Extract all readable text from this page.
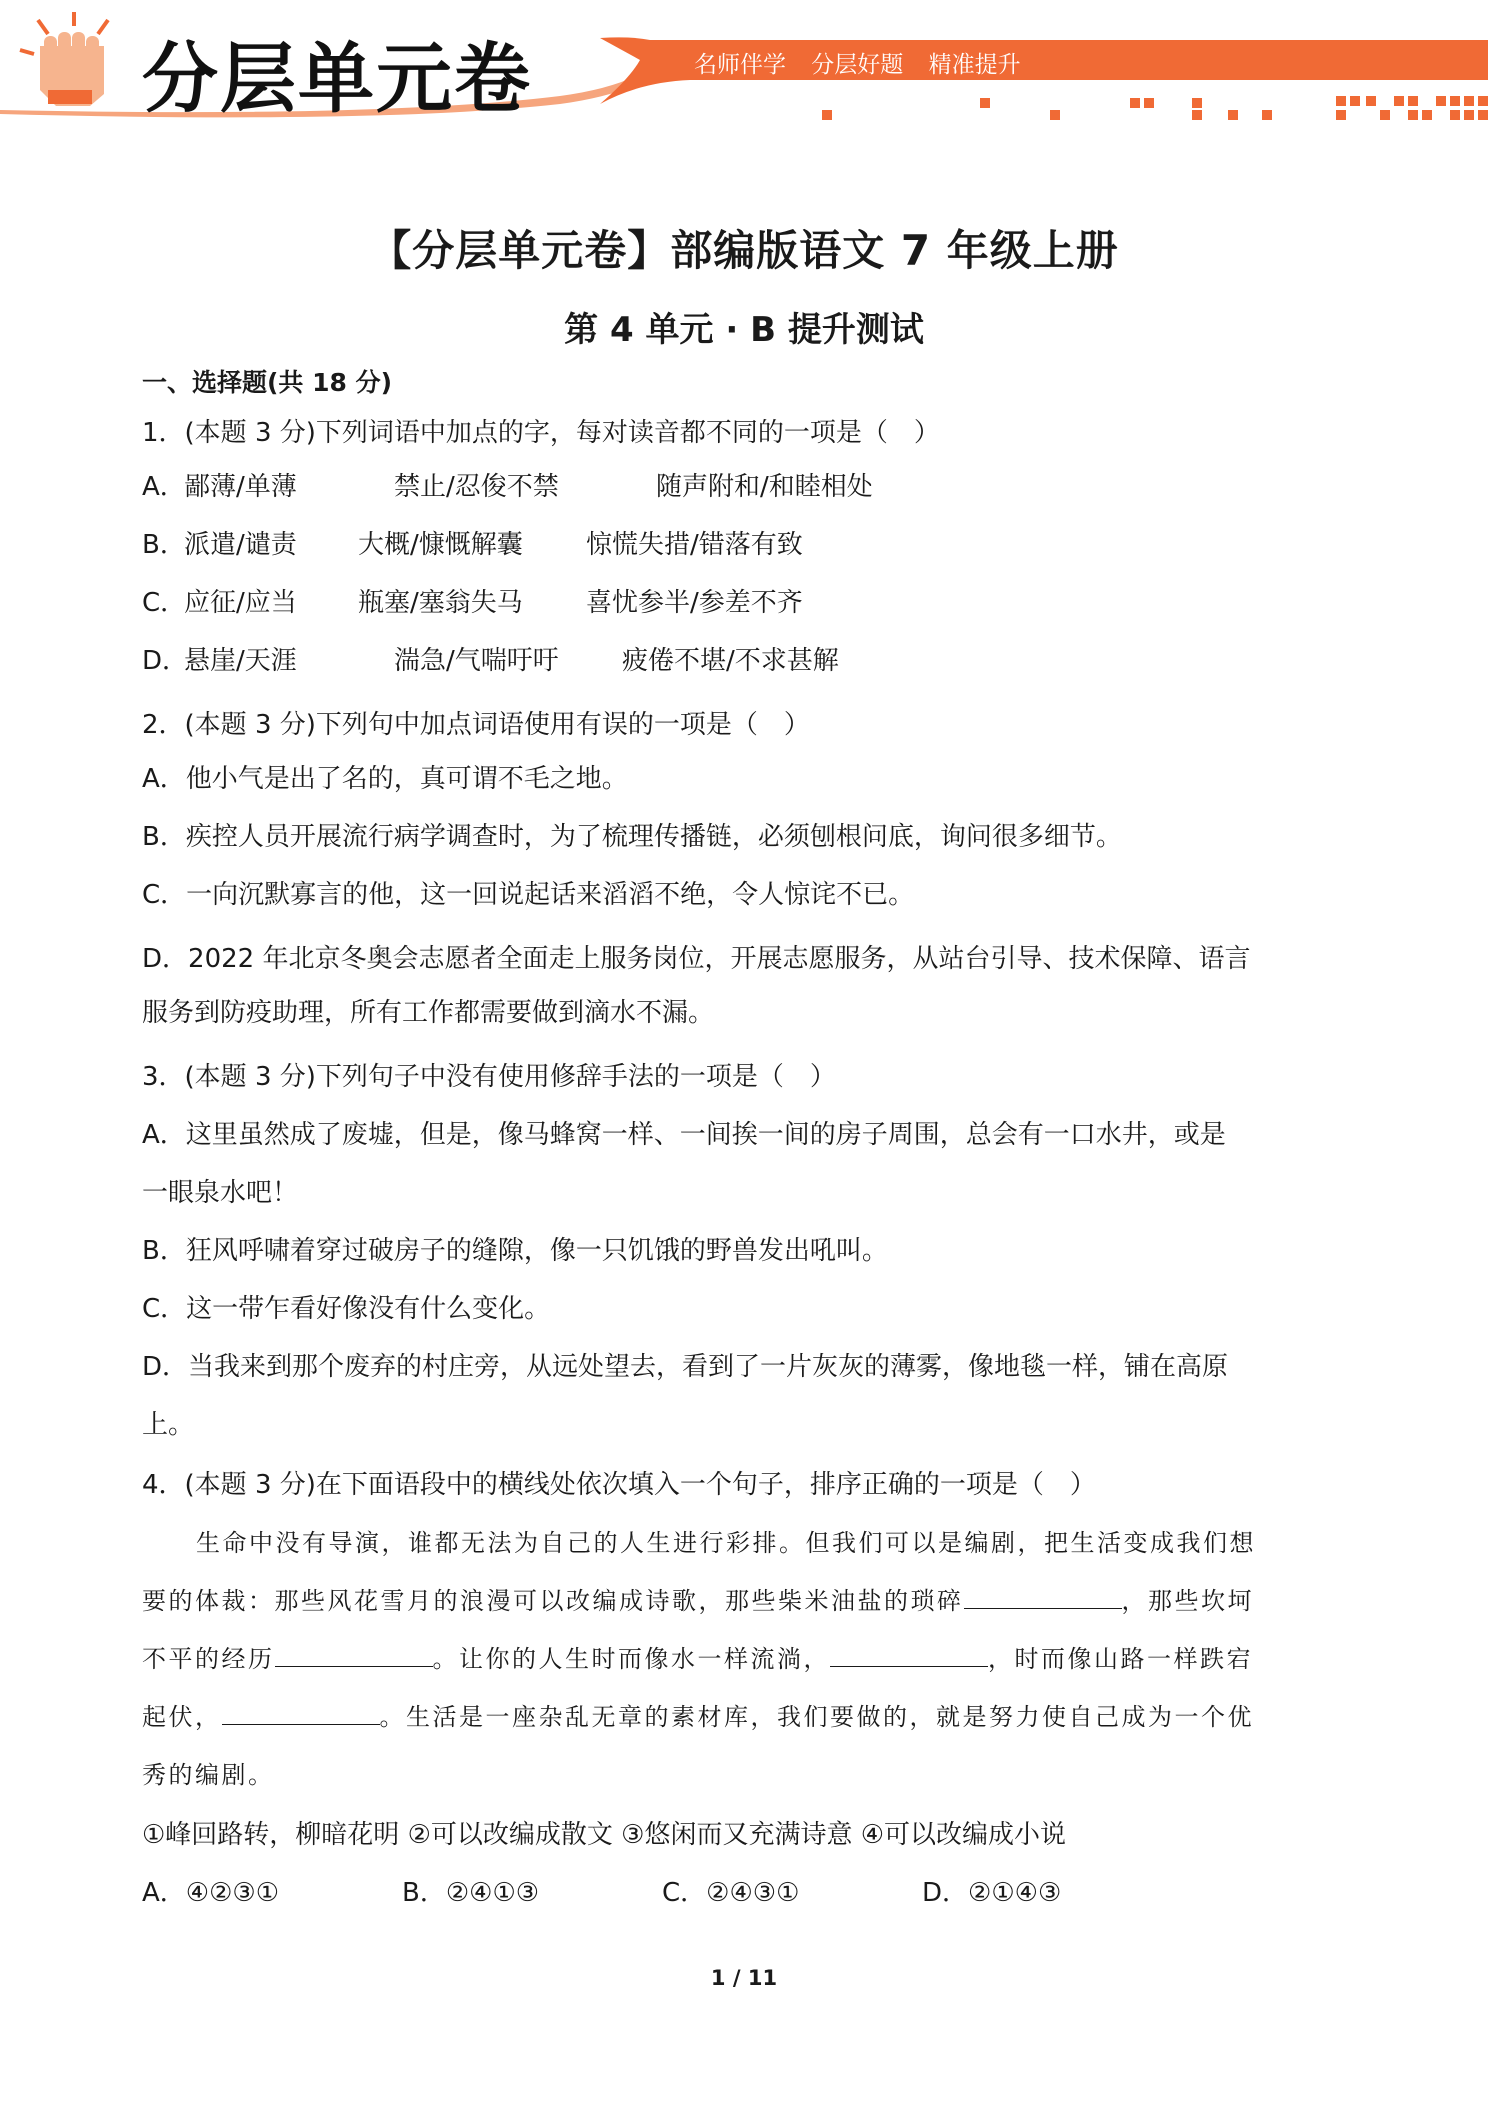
分层单元卷	名师伴学 分层好题 精准提升
【分层单元卷】部编版语文 7 年级上册
第 4 单元 · B 提升测试
一、选择题(共 18 分)
1．(本题 3 分)下列词语中加点的字，每对读音都不同的一项是（　）
A．
鄙薄/单薄	禁止/忍俊不禁	随声附和/和睦相处
B．
派遣/谴责 大概/慷慨解囊 惊慌失措/错落有致
C．
应征/应当 瓶塞/塞翁失马 喜忧参半/参差不齐
D．
悬崖/天涯	湍急/气喘吁吁 疲倦不堪/不求甚解
2．(本题 3 分)下列句中加点词语使用有误的一项是（　）
A．他小气是出了名的，真可谓不毛之地。
B．疾控人员开展流行病学调查时，为了梳理传播链，必须刨根问底，询问很多细节。
C．一向沉默寡言的他，这一回说起话来滔滔不绝，令人惊诧不已。
D．2022 年北京冬奥会志愿者全面走上服务岗位，开展志愿服务，从站台引导、技术保障、语言
服务到防疫助理，所有工作都需要做到滴水不漏。
3．(本题 3 分)下列句子中没有使用修辞手法的一项是（　）
A．这里虽然成了废墟，但是，像马蜂窝一样、一间挨一间的房子周围，总会有一口水井，或是
一眼泉水吧！
B．狂风呼啸着穿过破房子的缝隙，像一只饥饿的野兽发出吼叫。
C．这一带乍看好像没有什么变化。
D．当我来到那个废弃的村庄旁，从远处望去，看到了一片灰灰的薄雾，像地毯一样，铺在高原
上。
4．(本题 3 分)在下面语段中的横线处依次填入一个句子，排序正确的一项是（　）
生命中没有导演，谁都无法为自己的人生进行彩排。但我们可以是编剧，把生活变成我们想
要的体裁：那些风花雪月的浪漫可以改编成诗歌，那些柴米油盐的琐碎	，那些坎坷
不平的经历	。让你的人生时而像水一样流淌，	，时而像山路一样跌宕
起伏，	。生活是一座杂乱无章的素材库，我们要做的，就是努力使自己成为一个优
秀的编剧。
①峰回路转，柳暗花明 ②可以改编成散文 ③悠闲而又充满诗意 ④可以改编成小说
A．④②③①	B．②④①③	C．②④③①	D．②①④③
1 / 11
